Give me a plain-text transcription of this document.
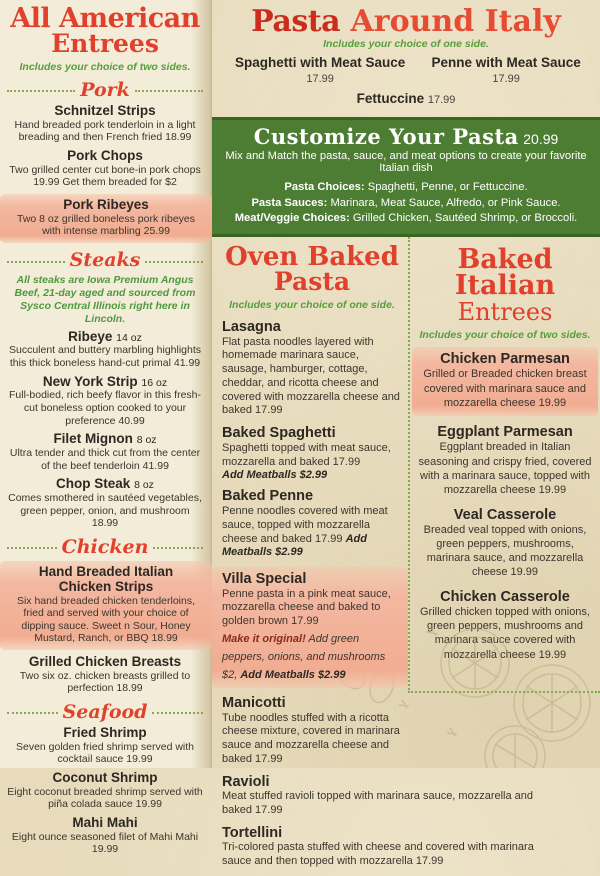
All American
Entrees
Includes your choice of two sides.
Pork
Schnitzel Strips
Hand breaded pork tenderloin in a light breading and then French fried 18.99
Pork Chops
Two grilled center cut bone-in pork chops 19.99 Get them breaded for $2
Pork Ribeyes
Two 8 oz grilled boneless pork ribeyes with intense marbling 25.99
Steaks
All steaks are Iowa Premium Angus Beef, 21-day aged and sourced from Sysco Central Illinois right here in Lincoln.
Ribeye 14 oz
Succulent and buttery marbling highlights this thick boneless hand-cut primal 41.99
New York Strip 16 oz
Full-bodied, rich beefy flavor in this fresh-cut boneless option cooked to your preference 40.99
Filet Mignon 8 oz
Ultra tender and thick cut from the center of the beef tenderloin 41.99
Chop Steak 8 oz
Comes smothered in sautéed vegetables, green pepper, onion, and mushroom 18.99
Chicken
Hand Breaded Italian Chicken Strips
Six hand breaded chicken tenderloins, fried and served with your choice of dipping sauce. Sweet n Sour, Honey Mustard, Ranch, or BBQ 18.99
Grilled Chicken Breasts
Two six oz. chicken breasts grilled to perfection 18.99
Seafood
Fried Shrimp
Seven golden fried shrimp served with cocktail sauce 19.99
Coconut Shrimp
Eight coconut breaded shrimp served with piña colada sauce 19.99
Mahi Mahi
Eight ounce seasoned filet of Mahi Mahi 19.99
Pasta Around Italy
Includes your choice of one side.
Spaghetti with Meat Sauce 17.99
Penne with Meat Sauce 17.99
Fettuccine 17.99
Customize Your Pasta 20.99
Mix and Match the pasta, sauce, and meat options to create your favorite Italian dish
Pasta Choices: Spaghetti, Penne, or Fettuccine.
Pasta Sauces: Marinara, Meat Sauce, Alfredo, or Pink Sauce.
Meat/Veggie Choices: Grilled Chicken, Sautéed Shrimp, or Broccoli.
Oven Baked
Pasta
Includes your choice of one side.
Lasagna
Flat pasta noodles layered with homemade marinara sauce, sausage, hamburger, cottage, cheddar, and ricotta cheese and covered with mozzarella cheese and baked 17.99
Baked Spaghetti
Spaghetti topped with meat sauce, mozzarella and baked 17.99
Add Meatballs $2.99
Baked Penne
Penne noodles covered with meat sauce, topped with mozzarella cheese and baked 17.99 Add Meatballs $2.99
Villa Special
Penne pasta in a pink meat sauce, mozzarella cheese and baked to golden brown 17.99
Make it original! Add green peppers, onions, and mushrooms $2, Add Meatballs $2.99
Manicotti
Tube noodles stuffed with a ricotta cheese mixture, covered in marinara sauce and mozzarella cheese and baked 17.99
Ravioli
Meat stuffed ravioli topped with marinara sauce, mozzarella and baked 17.99
Tortellini
Tri-colored pasta stuffed with cheese and covered with marinara sauce and then topped with mozzarella 17.99
Baked
Italian
Entrees
Includes your choice of two sides.
Chicken Parmesan
Grilled or Breaded chicken breast covered with marinara sauce and mozzarella cheese 19.99
Eggplant Parmesan
Eggplant breaded in Italian seasoning and crispy fried, covered with a marinara sauce, topped with mozzarella cheese 19.99
Veal Casserole
Breaded veal topped with onions, green peppers, mushrooms, marinara sauce, and mozzarella cheese 19.99
Chicken Casserole
Grilled chicken topped with onions, green peppers, mushrooms and marinara sauce covered with mozzarella cheese 19.99
